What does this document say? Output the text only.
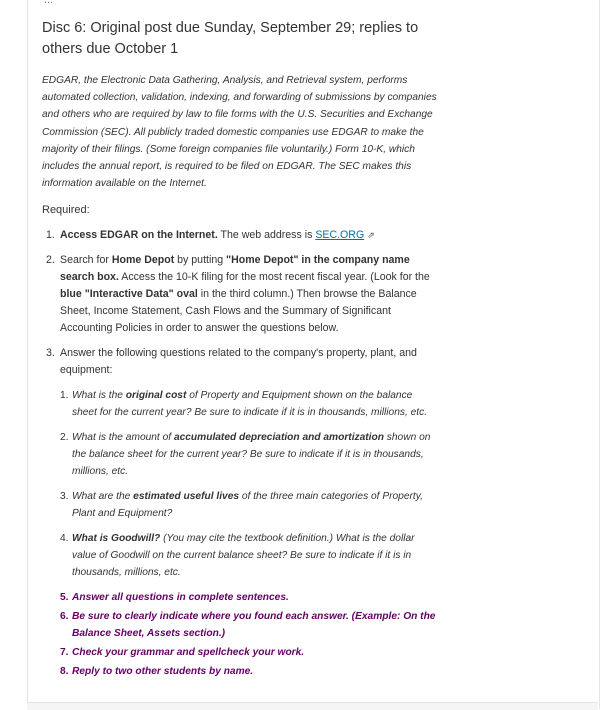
...
Disc 6: Original post due Sunday, September 29; replies to others due October 1
EDGAR, the Electronic Data Gathering, Analysis, and Retrieval system, performs automated collection, validation, indexing, and forwarding of submissions by companies and others who are required by law to file forms with the U.S. Securities and Exchange Commission (SEC). All publicly traded domestic companies use EDGAR to make the majority of their filings. (Some foreign companies file voluntarily.) Form 10-K, which includes the annual report, is required to be filed on EDGAR. The SEC makes this information available on the Internet.
Required:
1. Access EDGAR on the Internet. The web address is SEC.ORG ⇗
2. Search for Home Depot by putting "Home Depot" in the company name search box. Access the 10-K filing for the most recent fiscal year. (Look for the blue "Interactive Data" oval in the third column.) Then browse the Balance Sheet, Income Statement, Cash Flows and the Summary of Significant Accounting Policies in order to answer the questions below.
3. Answer the following questions related to the company's property, plant, and equipment:
1. What is the original cost of Property and Equipment shown on the balance sheet for the current year? Be sure to indicate if it is in thousands, millions, etc.
2. What is the amount of accumulated depreciation and amortization shown on the balance sheet for the current year? Be sure to indicate if it is in thousands, millions, etc.
3. What are the estimated useful lives of the three main categories of Property, Plant and Equipment?
4. What is Goodwill? (You may cite the textbook definition.) What is the dollar value of Goodwill on the current balance sheet? Be sure to indicate if it is in thousands, millions, etc.
5. Answer all questions in complete sentences.
6. Be sure to clearly indicate where you found each answer. (Example: On the Balance Sheet, Assets section.)
7. Check your grammar and spellcheck your work.
8. Reply to two other students by name.
